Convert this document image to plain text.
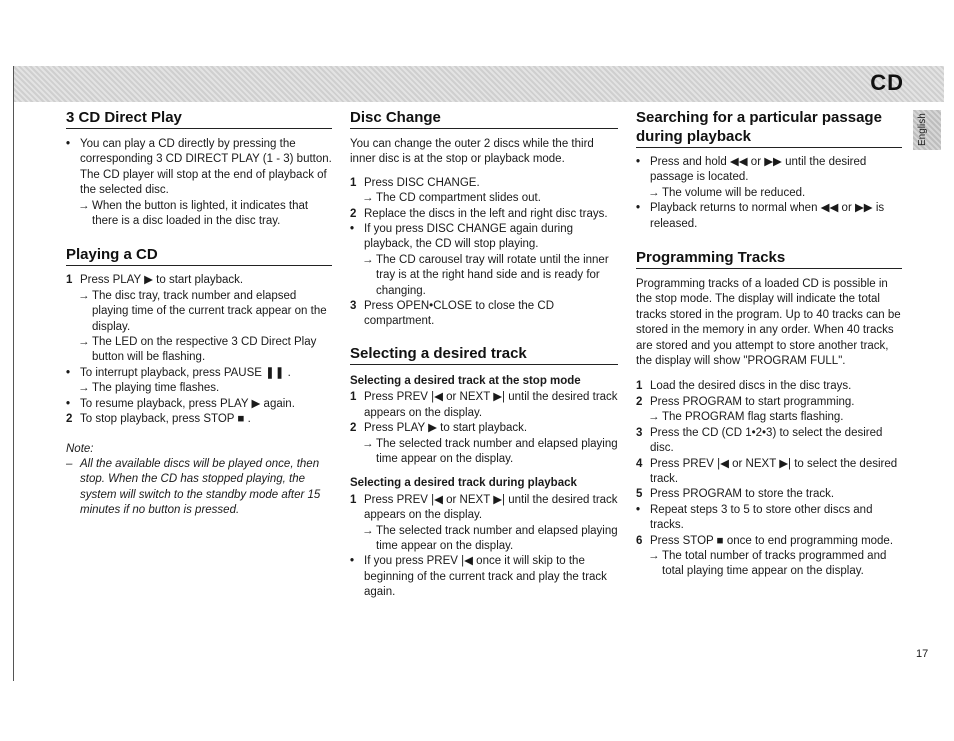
CD
English
3 CD Direct Play
• You can play a CD directly by pressing the corresponding 3 CD DIRECT PLAY (1 - 3) button. The CD player will stop at the end of playback of the selected disc.
→ When the button is lighted, it indicates that there is a disc loaded in the disc tray.
Playing a CD
1 Press PLAY ▶ to start playback.
→ The disc tray, track number and elapsed playing time of the current track appear on the display.
→ The LED on the respective 3 CD Direct Play button will be flashing.
• To interrupt playback, press PAUSE ❚❚ .
→ The playing time flashes.
• To resume playback, press PLAY ▶ again.
2 To stop playback, press STOP ■ .

Note:

– All the available discs will be played once, then stop. When the CD has stopped playing, the system will switch to the standby mode after 15 minutes if no button is pressed.
Disc Change

You can change the outer 2 discs while the third inner disc is at the stop or playback mode.

1 Press DISC CHANGE.
→ The CD compartment slides out.
2 Replace the discs in the left and right disc trays.
• If you press DISC CHANGE again during playback, the CD will stop playing.
→ The CD carousel tray will rotate until the inner tray is at the right hand side and is ready for changing.
3 Press OPEN•CLOSE to close the CD compartment.
Selecting a desired track
Selecting a desired track at the stop mode
1 Press PREV |◀ or NEXT ▶| until the desired track appears on the display.
2 Press PLAY ▶ to start playback.
→ The selected track number and elapsed playing time appear on the display.
Selecting a desired track during playback
1 Press PREV |◀ or NEXT ▶| until the desired track appears on the display.
→ The selected track number and elapsed playing time appear on the display.
• If you press PREV |◀ once it will skip to the beginning of the current track and play the track again.
Searching for a particular passage during playback
• Press and hold ◀◀ or ▶▶ until the desired passage is located.
→ The volume will be reduced.
• Playback returns to normal when ◀◀ or ▶▶ is released.
Programming Tracks

Programming tracks of a loaded CD is possible in the stop mode. The display will indicate the total tracks stored in the program. Up to 40 tracks can be stored in the memory in any order. When 40 tracks are stored and you attempt to store another track, the display will show "PROGRAM FULL".

1 Load the desired discs in the disc trays.
2 Press PROGRAM to start programming.
→ The PROGRAM flag starts flashing.
3 Press the CD (CD 1•2•3) to select the desired disc.
4 Press PREV |◀ or NEXT ▶| to select the desired track.
5 Press PROGRAM to store the track.
• Repeat steps 3 to 5 to store other discs and tracks.
6 Press STOP ■ once to end programming mode.
→ The total number of tracks programmed and total playing time appear on the display.
17
